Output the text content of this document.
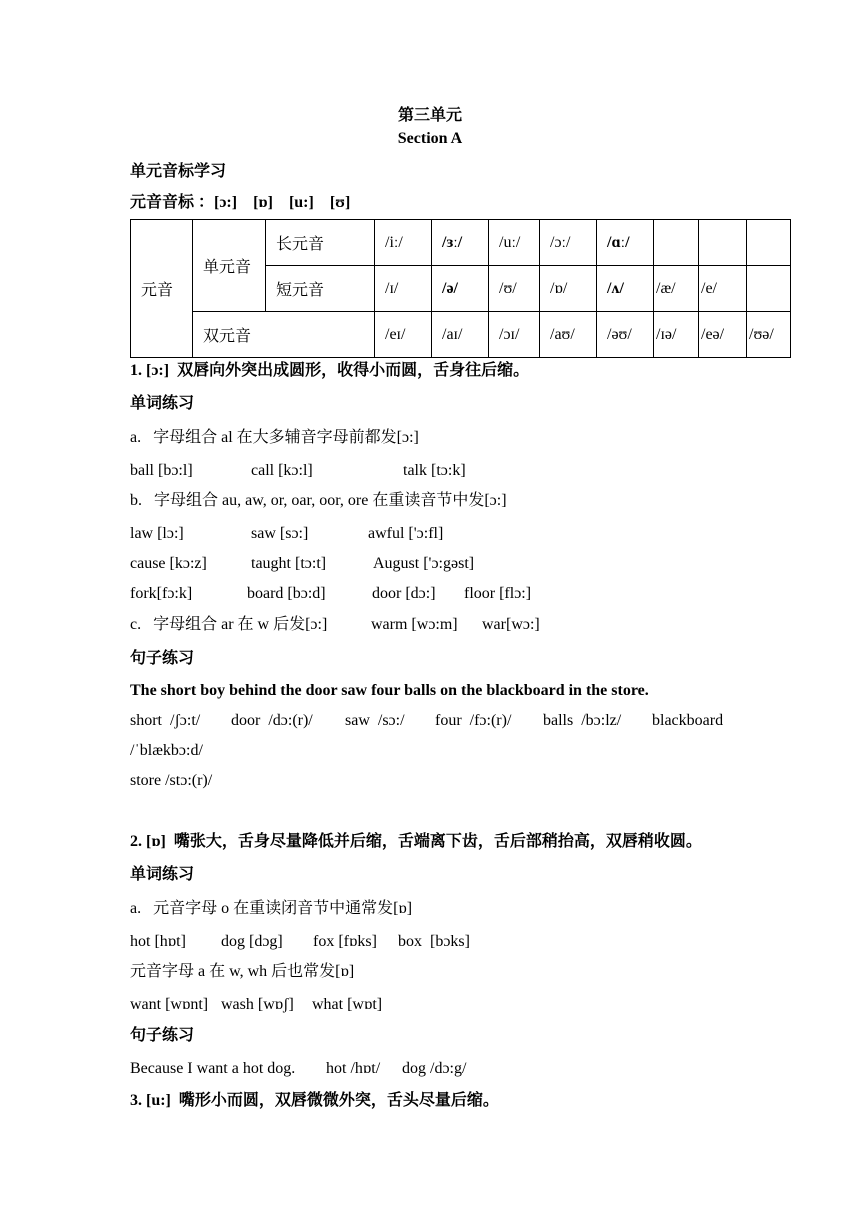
第三单元
Section A
单元音标学习
元音音标 ：[ɔ:]    [ɒ]    [u:]    [ʊ]
元音	单元音	长元音	/iː/	/ɜː/	/uː/	/ɔː/	/ɑː/			
		短元音	/ɪ/	/ə/	/ʊ/	/ɒ/	/ʌ/	/æ/	/e/	
	双元音		/eɪ/	/aɪ/	/ɔɪ/	/aʊ/	/əʊ/	/ɪə/	/eə/	/ʊə/
1. [ɔ:]  双唇向外突出成圆形，收得小而圆，舌身往后缩。
单词练习
a.   字母组合 al 在大多辅音字母前都发[ɔ:]
ball [bɔ:l]	call [kɔ:l]	talk [tɔ:k]
b.   字母组合 au, aw, or, oar, oor, ore 在重读音节中发[ɔ:]
law [lɔ:]	saw [sɔ:]	awful ['ɔ:fl]
cause [kɔ:z]	taught [tɔ:t]	August ['ɔ:gəst]
fork[fɔ:k]	board [bɔ:d]	door [dɔ:] floor [flɔ:]
c.   字母组合 ar 在 w 后发[ɔ:]	warm [wɔ:m] war[wɔ:]
句子练习
The short boy behind the door saw four balls on the blackboard in the store.
short  /ʃɔ:t/ door  /dɔ:(r)/ saw  /sɔ:/ four  /fɔ:(r)/ balls  /bɔ:lz/ blackboard
/ˈblækbɔ:d/
store /stɔ:(r)/
2. [ɒ]  嘴张大，舌身尽量降低并后缩，舌端离下齿，舌后部稍抬高，双唇稍收圆。
单词练习
a.   元音字母 o 在重读闭音节中通常发[ɒ]
hot [hɒt] dog [dɔg] fox [fɒks] box  [bɔks]
元音字母 a 在 w, wh 后也常发[ɒ]
want [wɒnt] wash [wɒʃ] what [wɒt]
句子练习
Because I want a hot dog. hot /hɒt/ dog /dɔ:g/
3. [u:]  嘴形小而圆，双唇微微外突，舌头尽量后缩。
